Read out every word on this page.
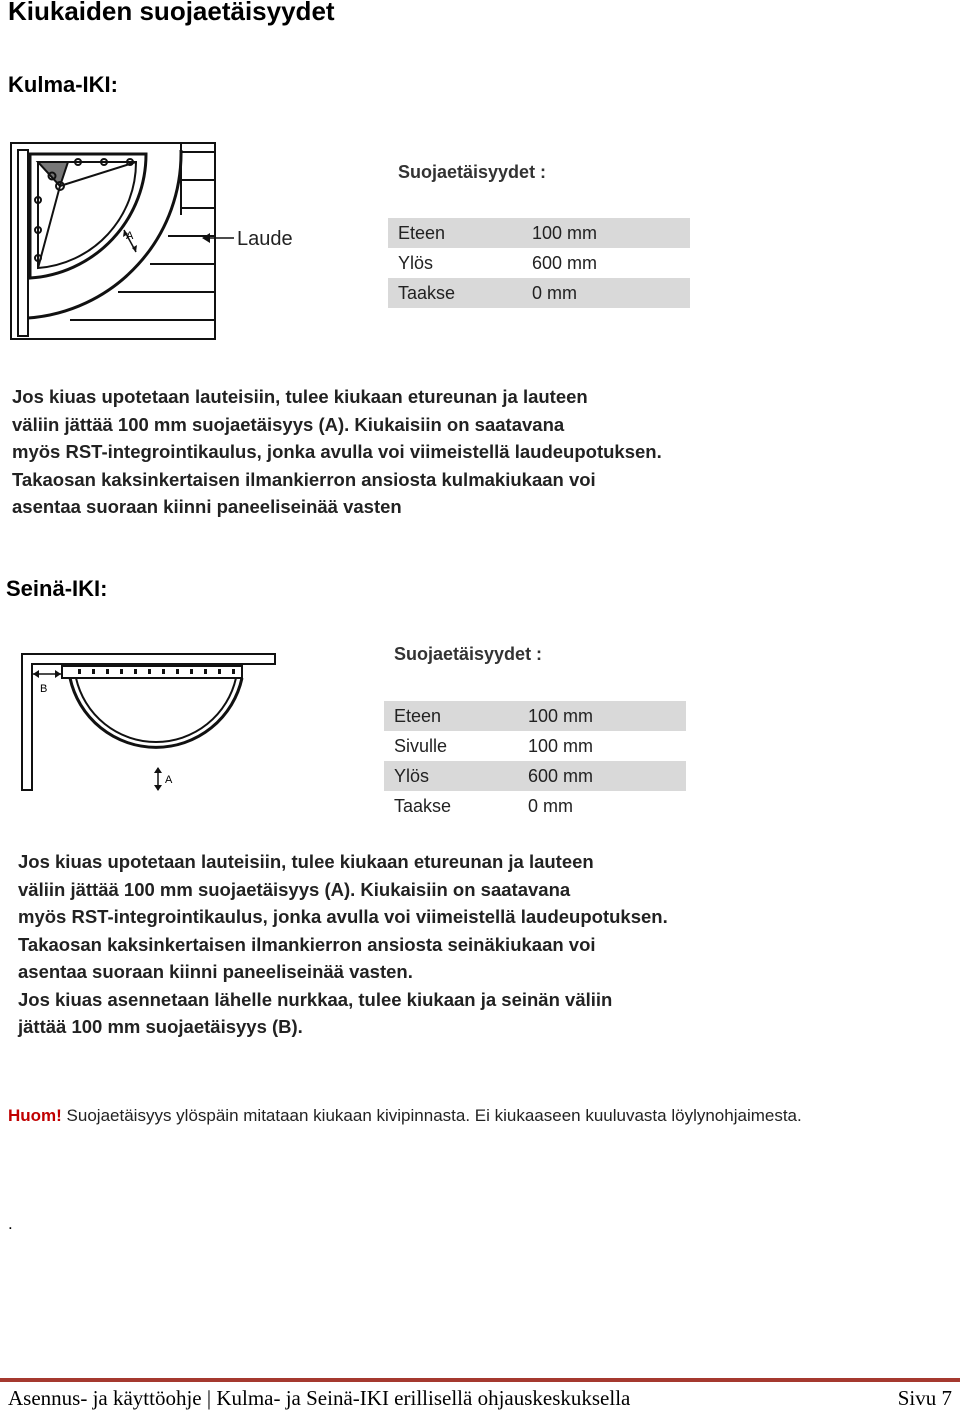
Kiukaiden suojaetäisyydet
Kulma-IKI:
A	Laude
Suojaetäisyydet :
Eteen	100 mm
Ylös	600 mm
Taakse	0 mm
Jos kiuas upotetaan lauteisiin, tulee kiukaan etureunan ja lauteen
väliin jättää 100 mm suojaetäisyys (A). Kiukaisiin on saatavana
myös RST-integrointikaulus, jonka avulla voi viimeistellä laudeupotuksen.
Takaosan kaksinkertaisen ilmankierron ansiosta kulmakiukaan voi
asentaa suoraan kiinni paneeliseinää vasten
Seinä-IKI:
B
A
Suojaetäisyydet :
Eteen	100 mm
Sivulle	100 mm
Ylös	600 mm
Taakse	0 mm
Jos kiuas upotetaan lauteisiin, tulee kiukaan etureunan ja lauteen
väliin jättää 100 mm suojaetäisyys (A). Kiukaisiin on saatavana
myös RST-integrointikaulus, jonka avulla voi viimeistellä laudeupotuksen.
Takaosan kaksinkertaisen ilmankierron ansiosta seinäkiukaan voi
asentaa suoraan kiinni paneeliseinää vasten.
Jos kiuas asennetaan lähelle nurkkaa, tulee kiukaan ja seinän väliin
jättää 100 mm suojaetäisyys (B).
Huom! Suojaetäisyys ylöspäin mitataan kiukaan kivipinnasta. Ei kiukaaseen kuuluvasta löylynohjaimesta.
.
Asennus- ja käyttöohje | Kulma- ja Seinä-IKI erillisellä ohjauskeskuksella	Sivu 7
